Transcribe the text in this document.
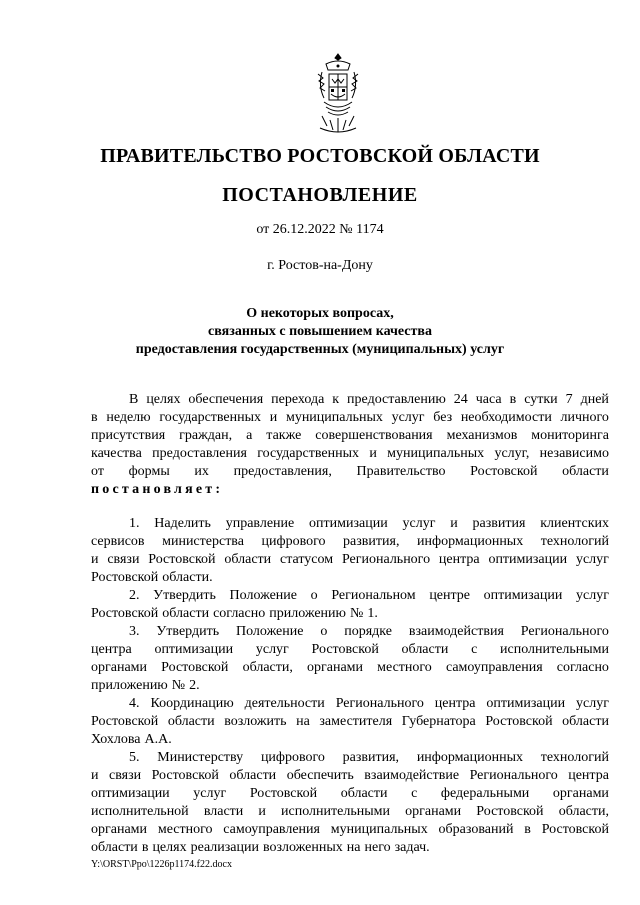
ПРАВИТЕЛЬСТВО РОСТОВСКОЙ ОБЛАСТИ
ПОСТАНОВЛЕНИЕ
от 26.12.2022 № 1174
г. Ростов-на-Дону
О некоторых вопросах,
связанных с повышением качества
предоставления государственных (муниципальных) услуг
В целях обеспечения перехода к предоставлению 24 часа в сутки 7 дней
в неделю государственных и муниципальных услуг без необходимости личного
присутствия граждан, а также совершенствования механизмов мониторинга
качества предоставления государственных и муниципальных услуг, независимо
от формы их предоставления, Правительство Ростовской области
постановляет:
1. Наделить управление оптимизации услуг и развития клиентских
сервисов министерства цифрового развития, информационных технологий
и связи Ростовской области статусом Регионального центра оптимизации услуг
Ростовской области.
2. Утвердить Положение о Региональном центре оптимизации услуг
Ростовской области согласно приложению № 1.
3. Утвердить Положение о порядке взаимодействия Регионального
центра оптимизации услуг Ростовской области с исполнительными
органами Ростовской области, органами местного самоуправления согласно
приложению № 2.
4. Координацию деятельности Регионального центра оптимизации услуг
Ростовской области возложить на заместителя Губернатора Ростовской области
Хохлова А.А.
5. Министерству цифрового развития, информационных технологий
и связи Ростовской области обеспечить взаимодействие Регионального центра
оптимизации услуг Ростовской области с федеральными органами
исполнительной власти и исполнительными органами Ростовской области,
органами местного самоуправления муниципальных образований в Ростовской
области в целях реализации возложенных на него задач.
Y:\ORST\Ppo\1226p1174.f22.docx
